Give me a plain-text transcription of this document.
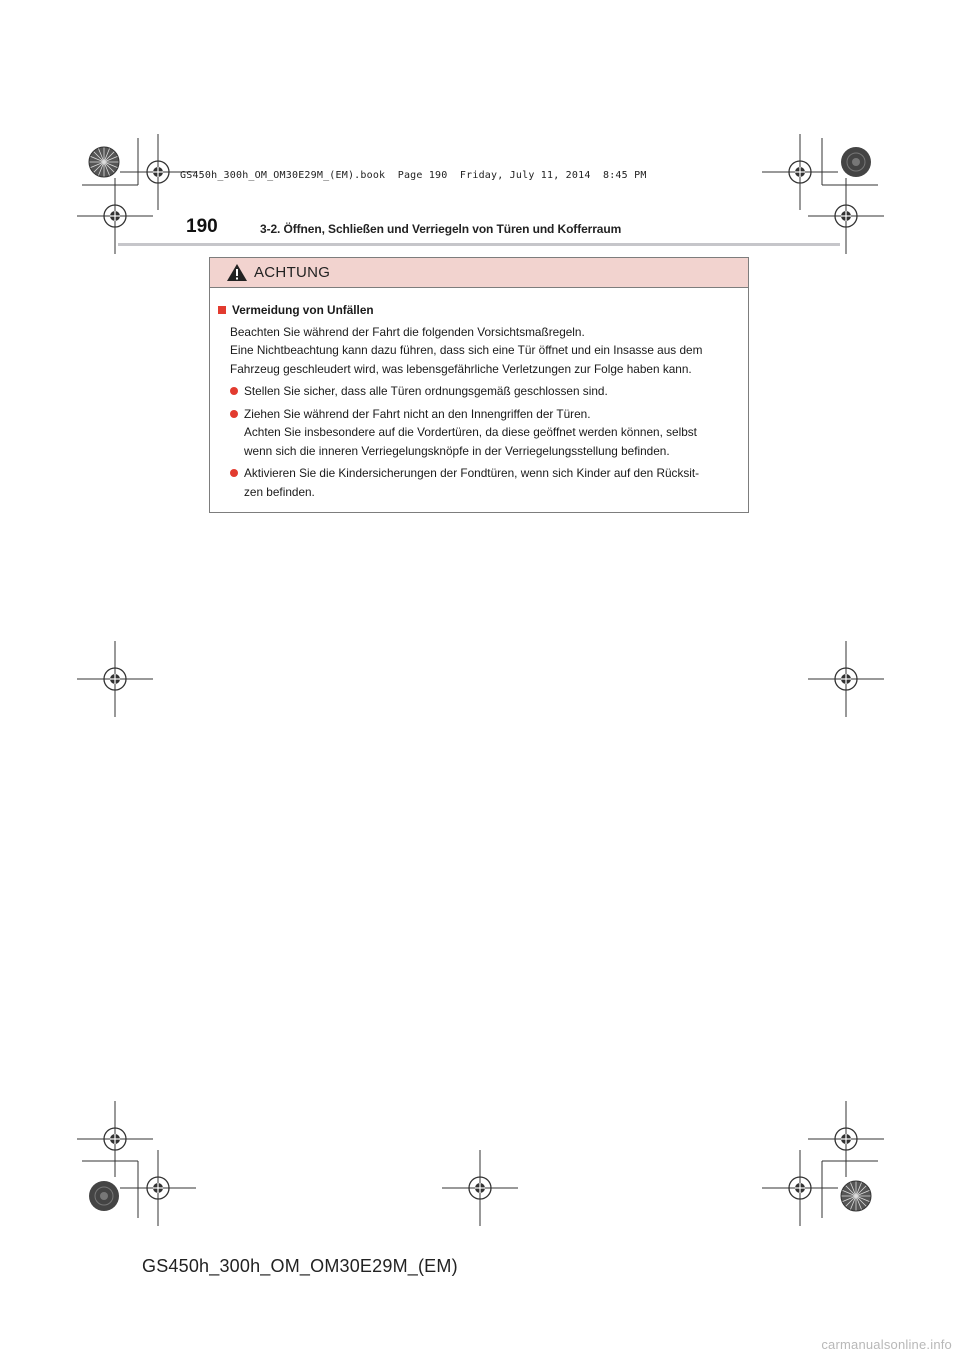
GS450h_300h_OM_OM30E29M_(EM).book  Page 190  Friday, July 11, 2014  8:45 PM
190	3-2. Öffnen, Schließen und Verriegeln von Türen und Kofferraum
ACHTUNG
Vermeidung von Unfällen
Beachten Sie während der Fahrt die folgenden Vorsichtsmaßregeln.
Eine Nichtbeachtung kann dazu führen, dass sich eine Tür öffnet und ein Insasse aus dem
Fahrzeug geschleudert wird, was lebensgefährliche Verletzungen zur Folge haben kann.
Stellen Sie sicher, dass alle Türen ordnungsgemäß geschlossen sind.
Ziehen Sie während der Fahrt nicht an den Innengriffen der Türen.
Achten Sie insbesondere auf die Vordertüren, da diese geöffnet werden können, selbst
wenn sich die inneren Verriegelungsknöpfe in der Verriegelungsstellung befinden.
Aktivieren Sie die Kindersicherungen der Fondtüren, wenn sich Kinder auf den Rücksit-
zen befinden.
GS450h_300h_OM_OM30E29M_(EM)
carmanualsonline.info
